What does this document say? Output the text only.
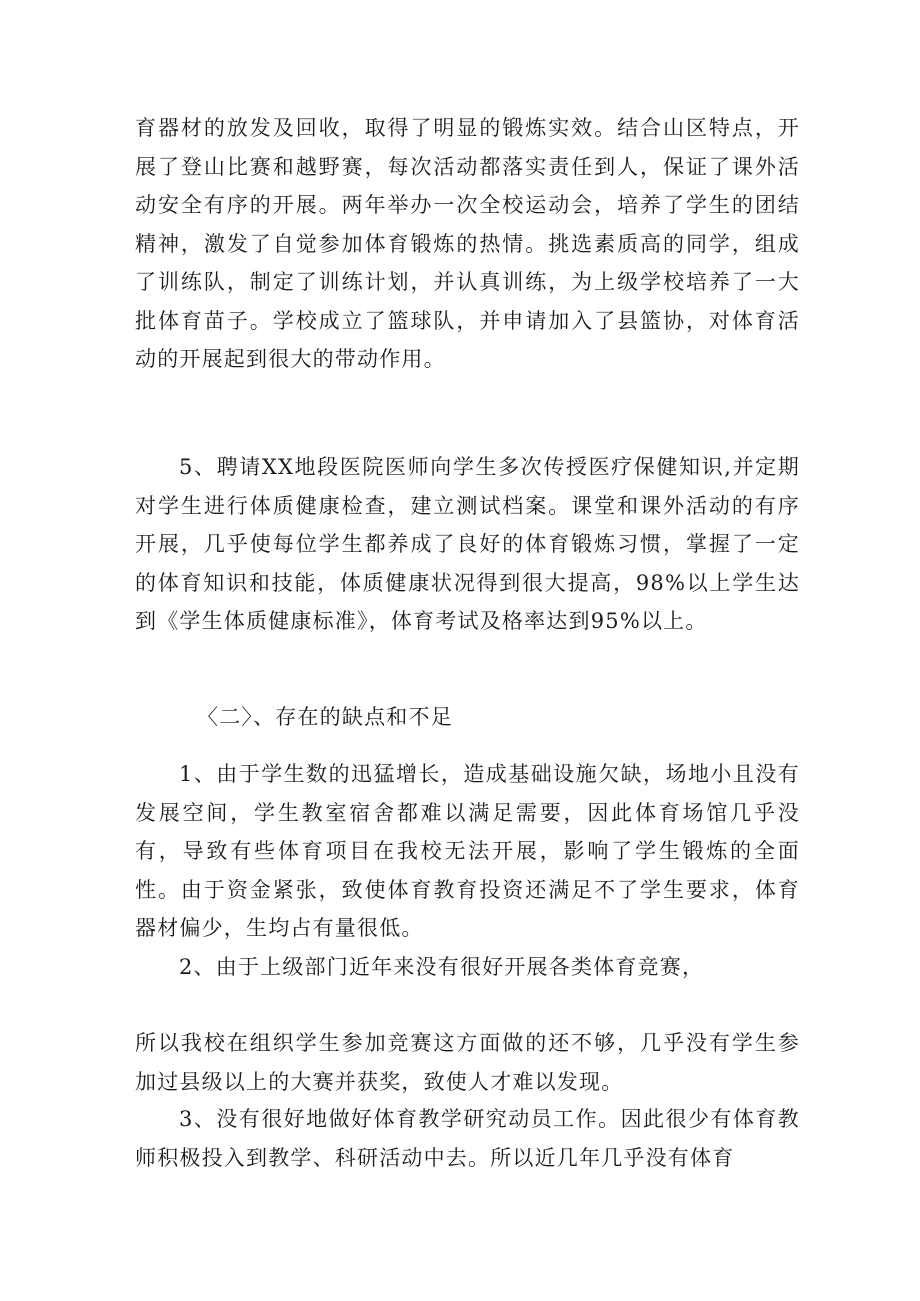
育器材的放发及回收，取得了明显的锻炼实效。结合山区特点，开展了登山比赛和越野赛，每次活动都落实责任到人，保证了课外活动安全有序的开展。两年举办一次全校运动会，培养了学生的团结精神，激发了自觉参加体育锻炼的热情。挑选素质高的同学，组成了训练队，制定了训练计划，并认真训练，为上级学校培养了一大批体育苗子。学校成立了篮球队，并申请加入了县篮协，对体育活动的开展起到很大的带动作用。

5、聘请XX地段医院医师向学生多次传授医疗保健知识,并定期对学生进行体质健康检查，建立测试档案。课堂和课外活动的有序开展，几乎使每位学生都养成了良好的体育锻炼习惯，掌握了一定的体育知识和技能，体质健康状况得到很大提高，98%以上学生达到《学生体质健康标准》，体育考试及格率达到95%以上。

〈二〉、存在的缺点和不足

1、由于学生数的迅猛增长，造成基础设施欠缺，场地小且没有发展空间，学生教室宿舍都难以满足需要，因此体育场馆几乎没有，导致有些体育项目在我校无法开展，影响了学生锻炼的全面性。由于资金紧张，致使体育教育投资还满足不了学生要求，体育器材偏少，生均占有量很低。

2、由于上级部门近年来没有很好开展各类体育竞赛，

所以我校在组织学生参加竞赛这方面做的还不够，几乎没有学生参加过县级以上的大赛并获奖，致使人才难以发现。

3、没有很好地做好体育教学研究动员工作。因此很少有体育教师积极投入到教学、科研活动中去。所以近几年几乎没有体育
